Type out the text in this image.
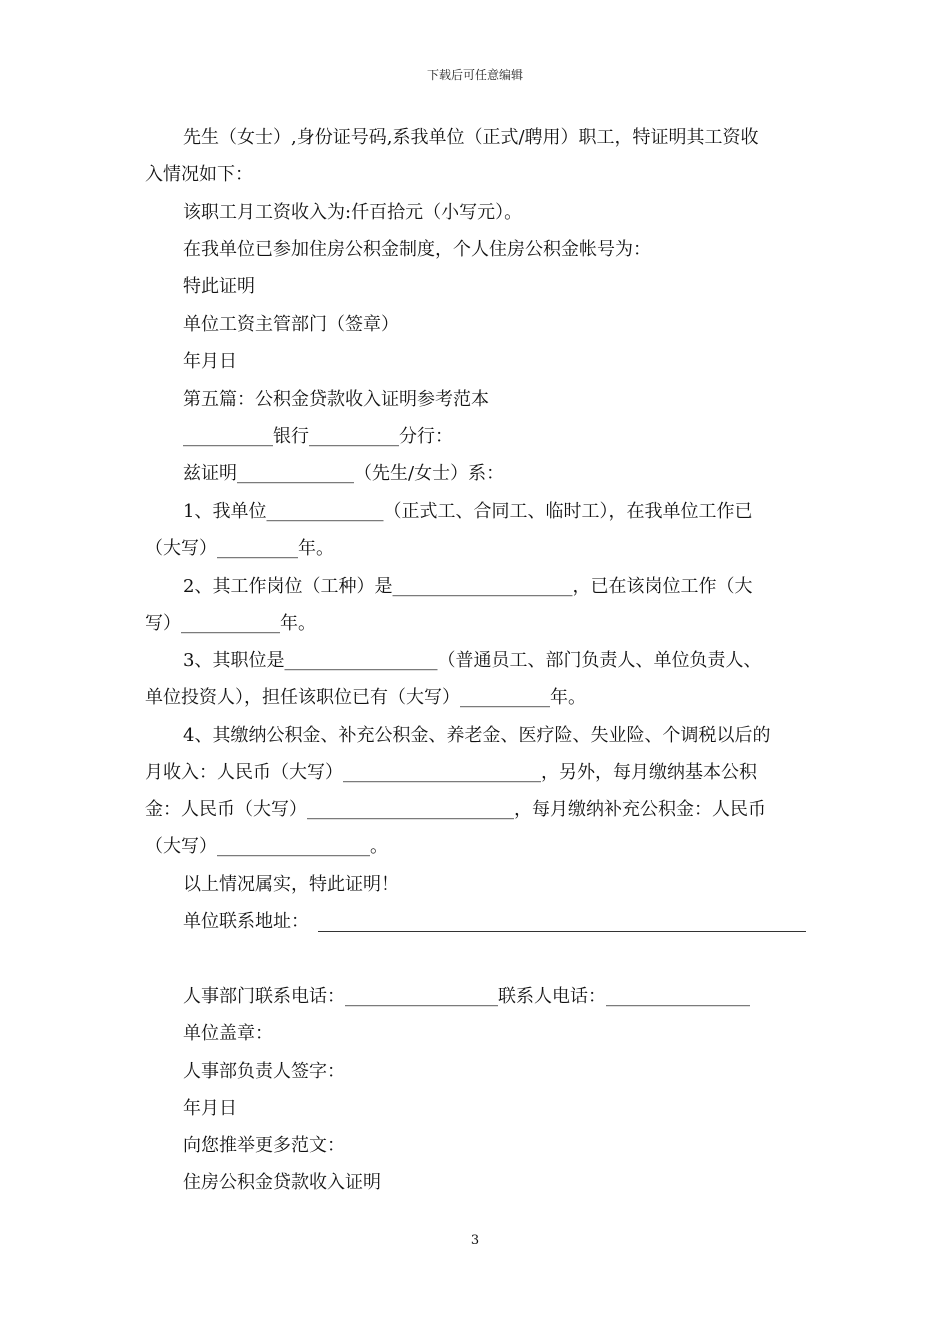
下载后可任意编辑
先生（女士）,身份证号码,系我单位（正式/聘用）职工，特证明其工资收
入情况如下：
该职工月工资收入为:仟百拾元（小写元）。
在我单位已参加住房公积金制度，个人住房公积金帐号为：
特此证明
单位工资主管部门（签章）
年月日
第五篇：公积金贷款收入证明参考范本
__________银行__________分行：
兹证明_____________（先生/女士）系：
1、我单位_____________（正式工、合同工、临时工），在我单位工作已
（大写）_________年。
2、其工作岗位（工种）是____________________，已在该岗位工作（大
写）___________年。
3、其职位是_________________（普通员工、部门负责人、单位负责人、
单位投资人），担任该职位已有（大写）__________年。
4、其缴纳公积金、补充公积金、养老金、医疗险、失业险、个调税以后的
月收入：人民币（大写）______________________，另外，每月缴纳基本公积
金：人民币（大写）_______________________，每月缴纳补充公积金：人民币
（大写）_________________。
以上情况属实，特此证明！
单位联系地址：
人事部门联系电话：_________________联系人电话：________________
单位盖章：
人事部负责人签字：
年月日
向您推举更多范文：
住房公积金贷款收入证明
3
